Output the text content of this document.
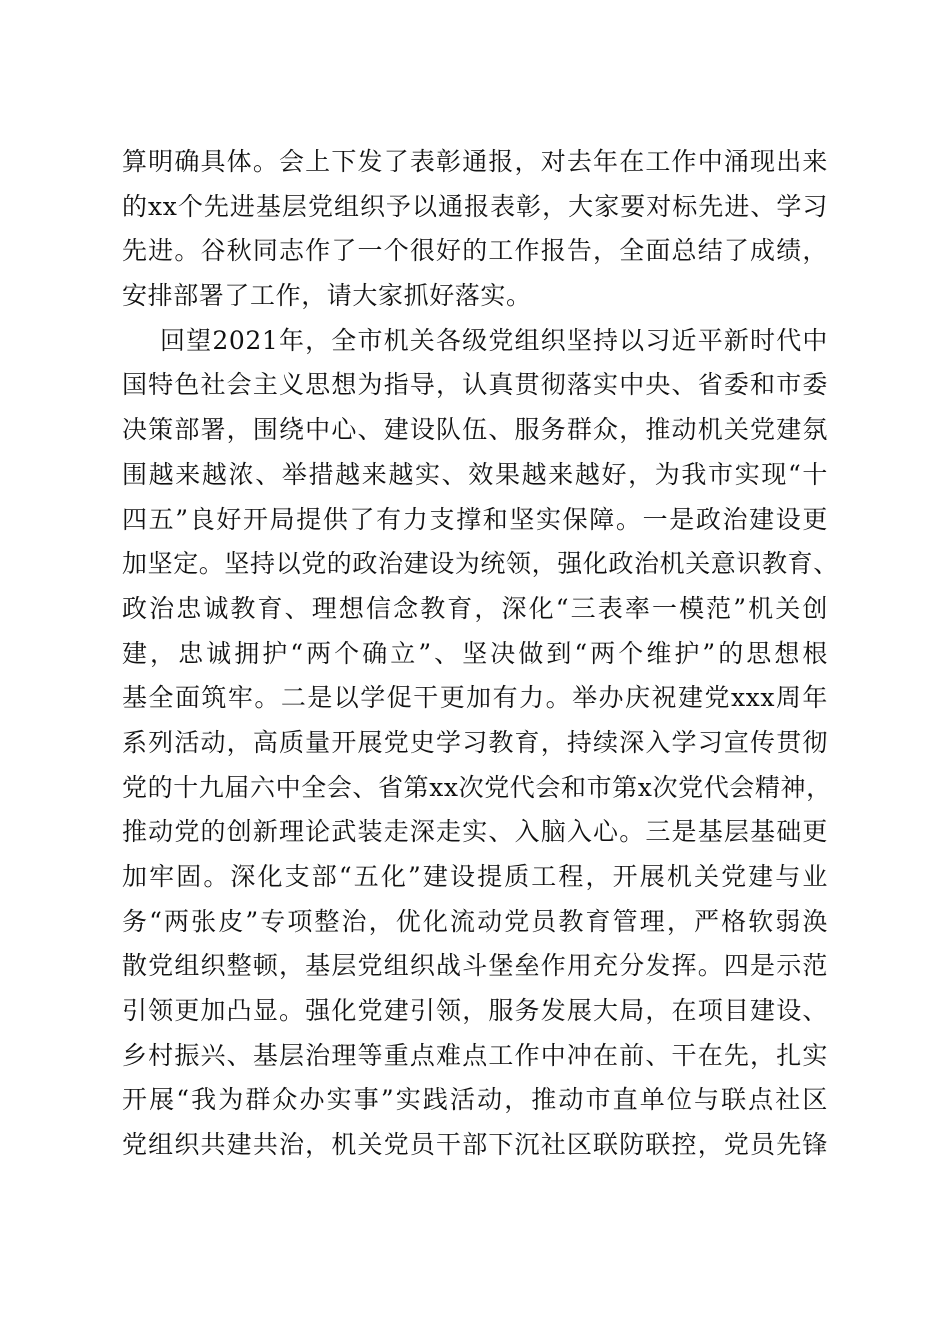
算明确具体。会上下发了表彰通报，对去年在工作中涌现出来
的xx个先进基层党组织予以通报表彰，大家要对标先进、学习
先进。谷秋同志作了一个很好的工作报告，全面总结了成绩，
安排部署了工作，请大家抓好落实。
回望2021年，全市机关各级党组织坚持以习近平新时代中
国特色社会主义思想为指导，认真贯彻落实中央、省委和市委
决策部署，围绕中心、建设队伍、服务群众，推动机关党建氛
围越来越浓、举措越来越实、效果越来越好，为我市实现“十
四五”良好开局提供了有力支撑和坚实保障。一是政治建设更
加坚定。坚持以党的政治建设为统领，强化政治机关意识教育、
政治忠诚教育、理想信念教育，深化“三表率一模范”机关创
建，忠诚拥护“两个确立”、坚决做到“两个维护”的思想根
基全面筑牢。二是以学促干更加有力。举办庆祝建党xxx周年
系列活动，高质量开展党史学习教育，持续深入学习宣传贯彻
党的十九届六中全会、省第xx次党代会和市第x次党代会精神，
推动党的创新理论武装走深走实、入脑入心。三是基层基础更
加牢固。深化支部“五化”建设提质工程，开展机关党建与业
务“两张皮”专项整治，优化流动党员教育管理，严格软弱涣
散党组织整顿，基层党组织战斗堡垒作用充分发挥。四是示范
引领更加凸显。强化党建引领，服务发展大局，在项目建设、
乡村振兴、基层治理等重点难点工作中冲在前、干在先，扎实
开展“我为群众办实事”实践活动，推动市直单位与联点社区
党组织共建共治，机关党员干部下沉社区联防联控，党员先锋
